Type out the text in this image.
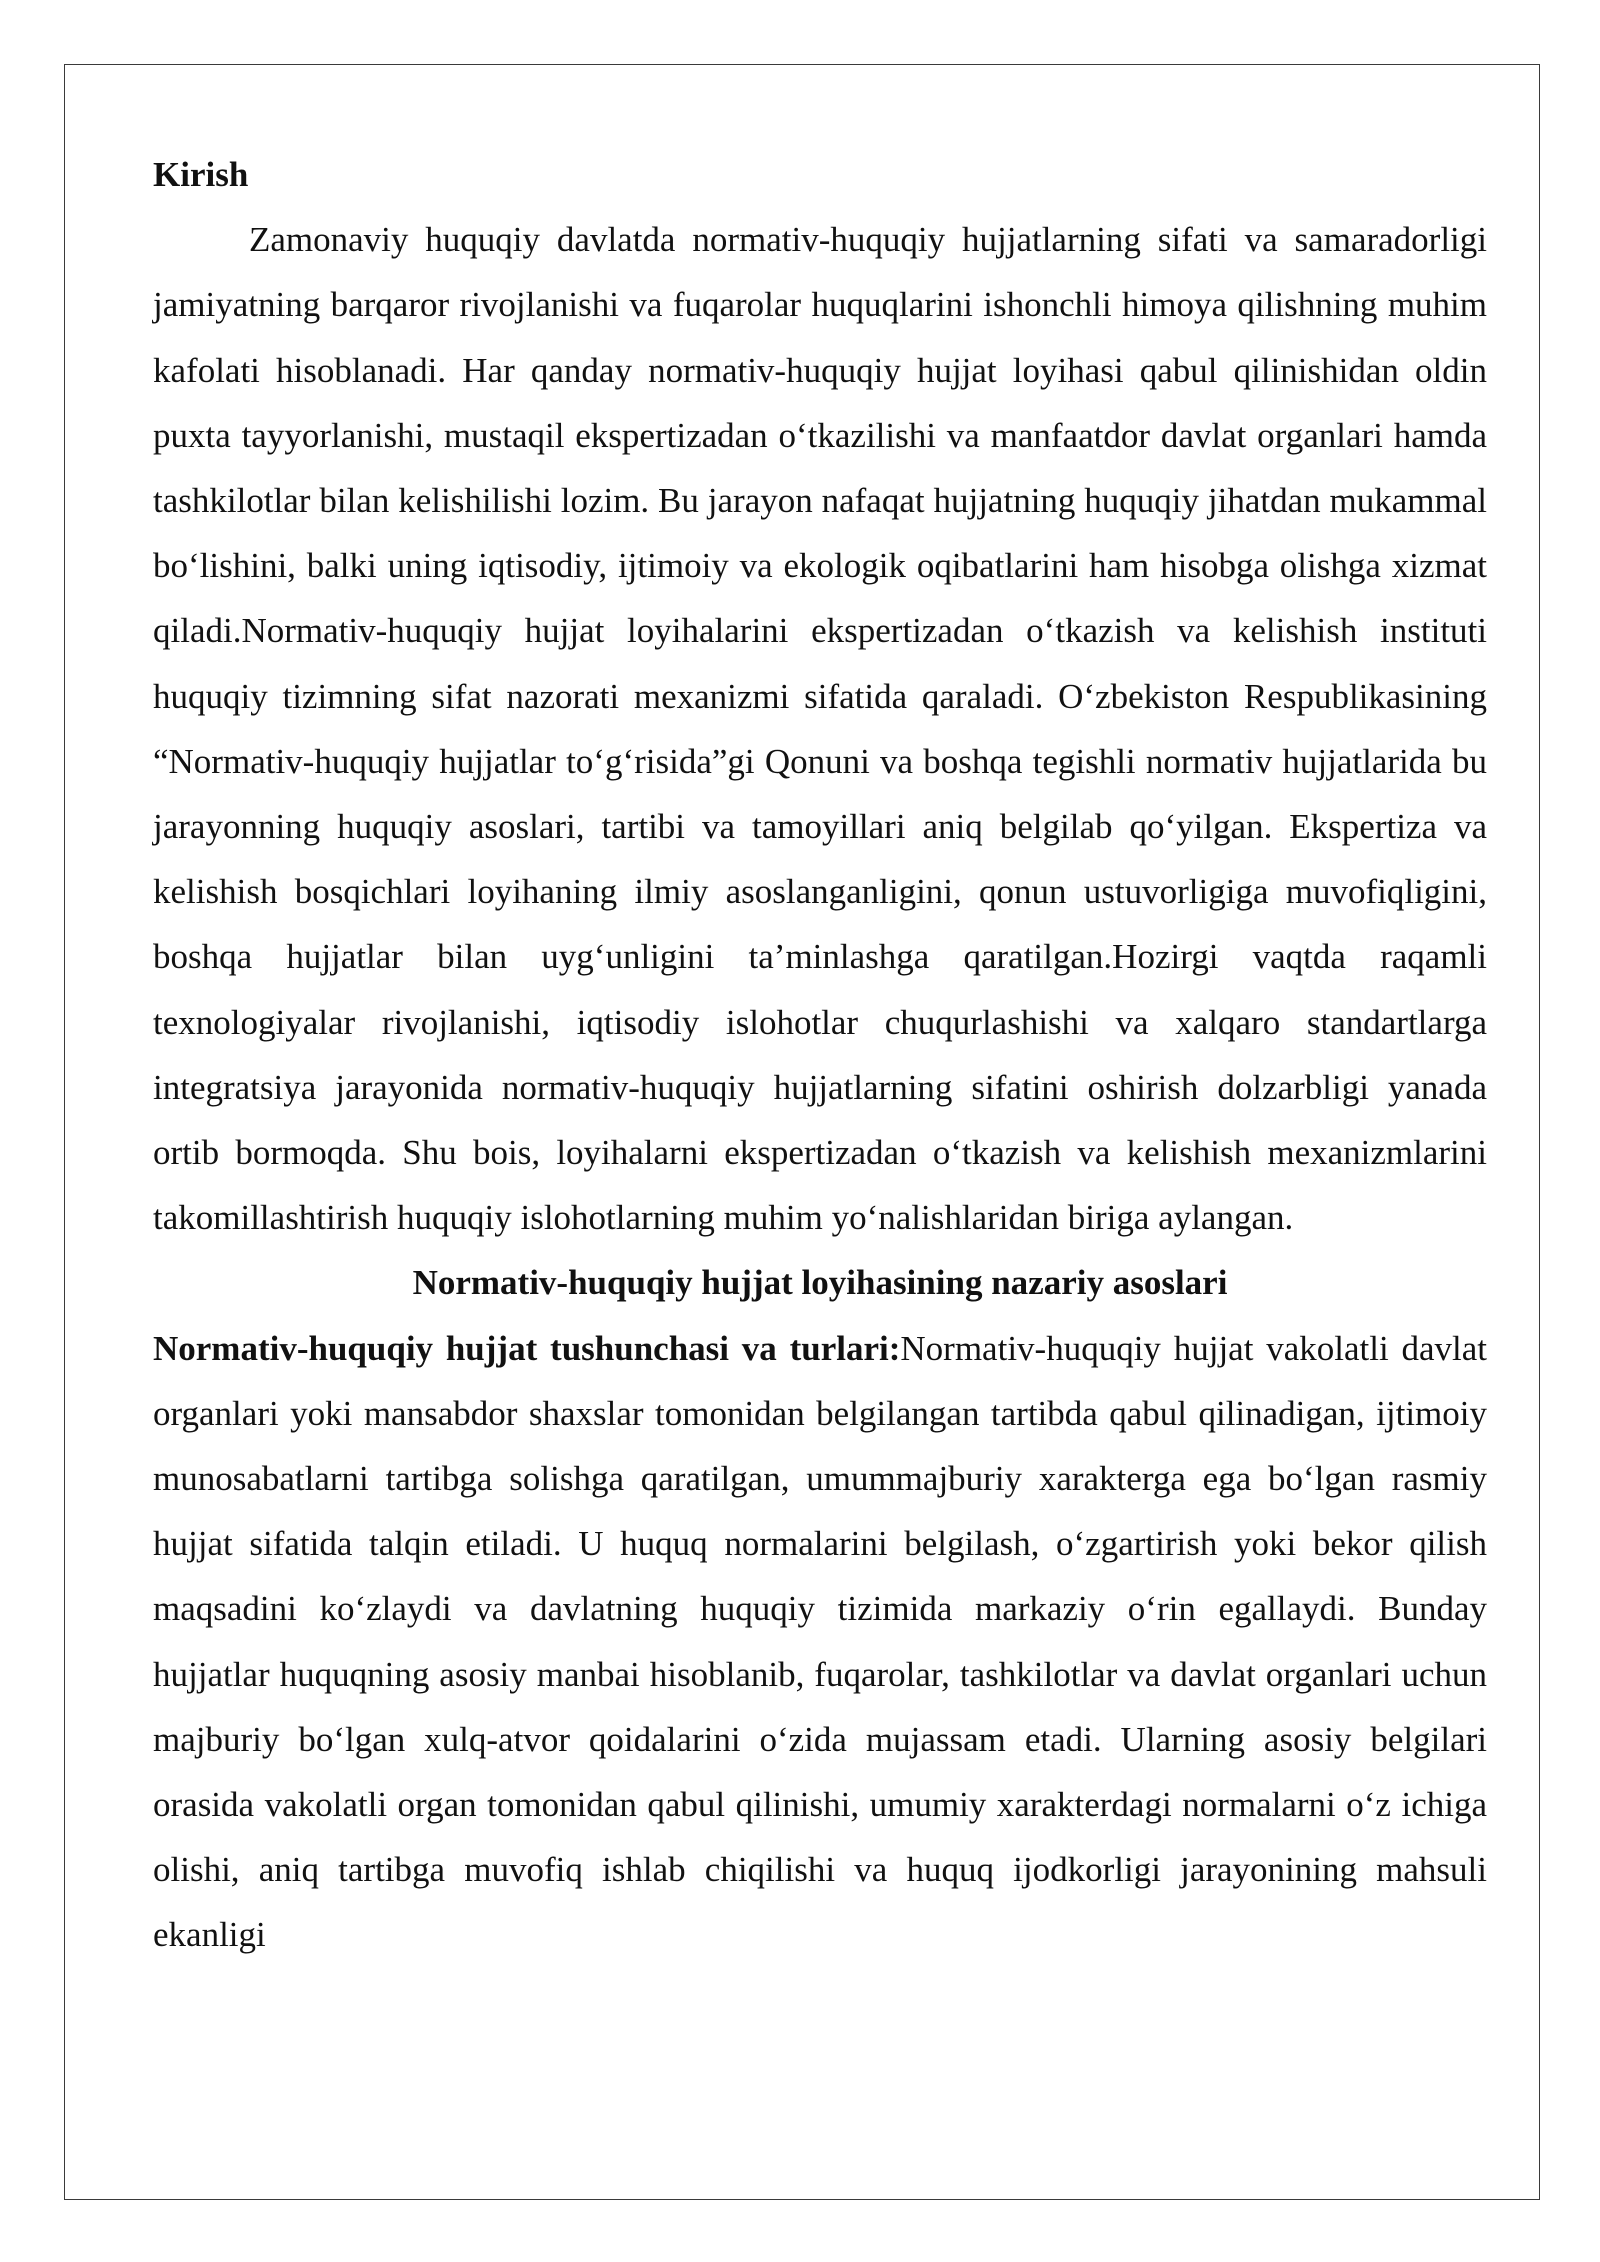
Kirish

Zamonaviy huquqiy davlatda normativ-huquqiy hujjatlarning sifati va samaradorligi jamiyatning barqaror rivojlanishi va fuqarolar huquqlarini ishonchli himoya qilishning muhim kafolati hisoblanadi. Har qanday normativ-huquqiy hujjat loyihasi qabul qilinishidan oldin puxta tayyorlanishi, mustaqil ekspertizadan o‘tkazilishi va manfaatdor davlat organlari hamda tashkilotlar bilan kelishilishi lozim. Bu jarayon nafaqat hujjatning huquqiy jihatdan mukammal bo‘lishini, balki uning iqtisodiy, ijtimoiy va ekologik oqibatlarini ham hisobga olishga xizmat qiladi.Normativ-huquqiy hujjat loyihalarini ekspertizadan o‘tkazish va kelishish instituti huquqiy tizimning sifat nazorati mexanizmi sifatida qaraladi. O‘zbekiston Respublikasining “Normativ-huquqiy hujjatlar to‘g‘risida”gi Qonuni va boshqa tegishli normativ hujjatlarida bu jarayonning huquqiy asoslari, tartibi va tamoyillari aniq belgilab qo‘yilgan. Ekspertiza va kelishish bosqichlari loyihaning ilmiy asoslanganligini, qonun ustuvorligiga muvofiqligini, boshqa hujjatlar bilan uyg‘unligini ta’minlashga qaratilgan.Hozirgi vaqtda raqamli texnologiyalar rivojlanishi, iqtisodiy islohotlar chuqurlashishi va xalqaro standartlarga integratsiya jarayonida normativ-huquqiy hujjatlarning sifatini oshirish dolzarbligi yanada ortib bormoqda. Shu bois, loyihalarni ekspertizadan o‘tkazish va kelishish mexanizmlarini takomillashtirish huquqiy islohotlarning muhim yo‘nalishlaridan biriga aylangan.

Normativ-huquqiy hujjat loyihasining nazariy asoslari

Normativ-huquqiy hujjat tushunchasi va turlari:Normativ-huquqiy hujjat vakolatli davlat organlari yoki mansabdor shaxslar tomonidan belgilangan tartibda qabul qilinadigan, ijtimoiy munosabatlarni tartibga solishga qaratilgan, umummajburiy xarakterga ega bo‘lgan rasmiy hujjat sifatida talqin etiladi. U huquq normalarini belgilash, o‘zgartirish yoki bekor qilish maqsadini ko‘zlaydi va davlatning huquqiy tizimida markaziy o‘rin egallaydi. Bunday hujjatlar huquqning asosiy manbai hisoblanib, fuqarolar, tashkilotlar va davlat organlari uchun majburiy bo‘lgan xulq-atvor qoidalarini o‘zida mujassam etadi. Ularning asosiy belgilari orasida vakolatli organ tomonidan qabul qilinishi, umumiy xarakterdagi normalarni o‘z ichiga olishi, aniq tartibga muvofiq ishlab chiqilishi va huquq ijodkorligi jarayonining mahsuli ekanligi
